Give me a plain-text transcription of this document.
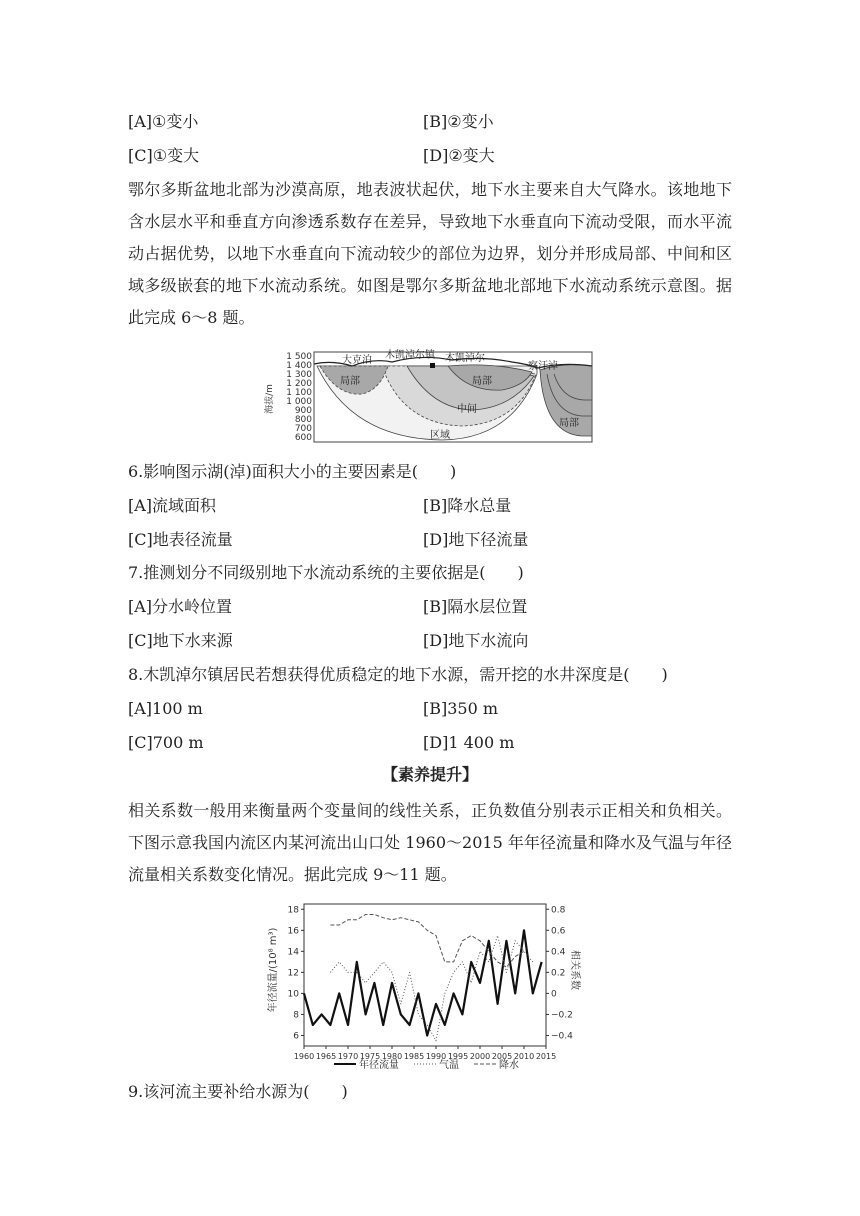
[A]①变小	[B]②变小
[C]①变大	[D]②变大
鄂尔多斯盆地北部为沙漠高原，地表波状起伏，地下水主要来自大气降水。该地地下含水层水平和垂直方向渗透系数存在差异，导致地下水垂直向下流动受限，而水平流动占据优势，以地下水垂直向下流动较少的部位为边界，划分并形成局部、中间和区域多级嵌套的地下水流动系统。如图是鄂尔多斯盆地北部地下水流动系统示意图。据此完成 6～8 题。
1 500
1 400
1 300
1 200
1 100
1 000
900
800
700
600
海拔/m
大克泊 木凯淖尔镇 木凯淖尔
察汗淖
局部	局部
局部
中间
区域
6.影响图示湖(淖)面积大小的主要因素是(　　)
[A]流域面积	[B]降水总量
[C]地表径流量	[D]地下径流量
7.推测划分不同级别地下水流动系统的主要依据是(　　)
[A]分水岭位置	[B]隔水层位置
[C]地下水来源	[D]地下水流向
8.木凯淖尔镇居民若想获得优质稳定的地下水源，需开挖的水井深度是(　　)
[A]100 m	[B]350 m
[C]700 m	[D]1 400 m
【素养提升】
相关系数一般用来衡量两个变量间的线性关系，正负数值分别表示正相关和负相关。下图示意我国内流区内某河流出山口处 1960～2015 年年径流量和降水及气温与年径流量相关系数变化情况。据此完成 9～11 题。
6
8
10
12
14
16
18
−0.4
−0.2
0
0.2
0.4
0.6
0.8
1960 1965 1970 1975 1980 1985 1990 1995 2000 2005 2010 2015
年径流量/(10⁸ m³)	相关系数
年径流量	气温	降水
9.该河流主要补给水源为(　　)
